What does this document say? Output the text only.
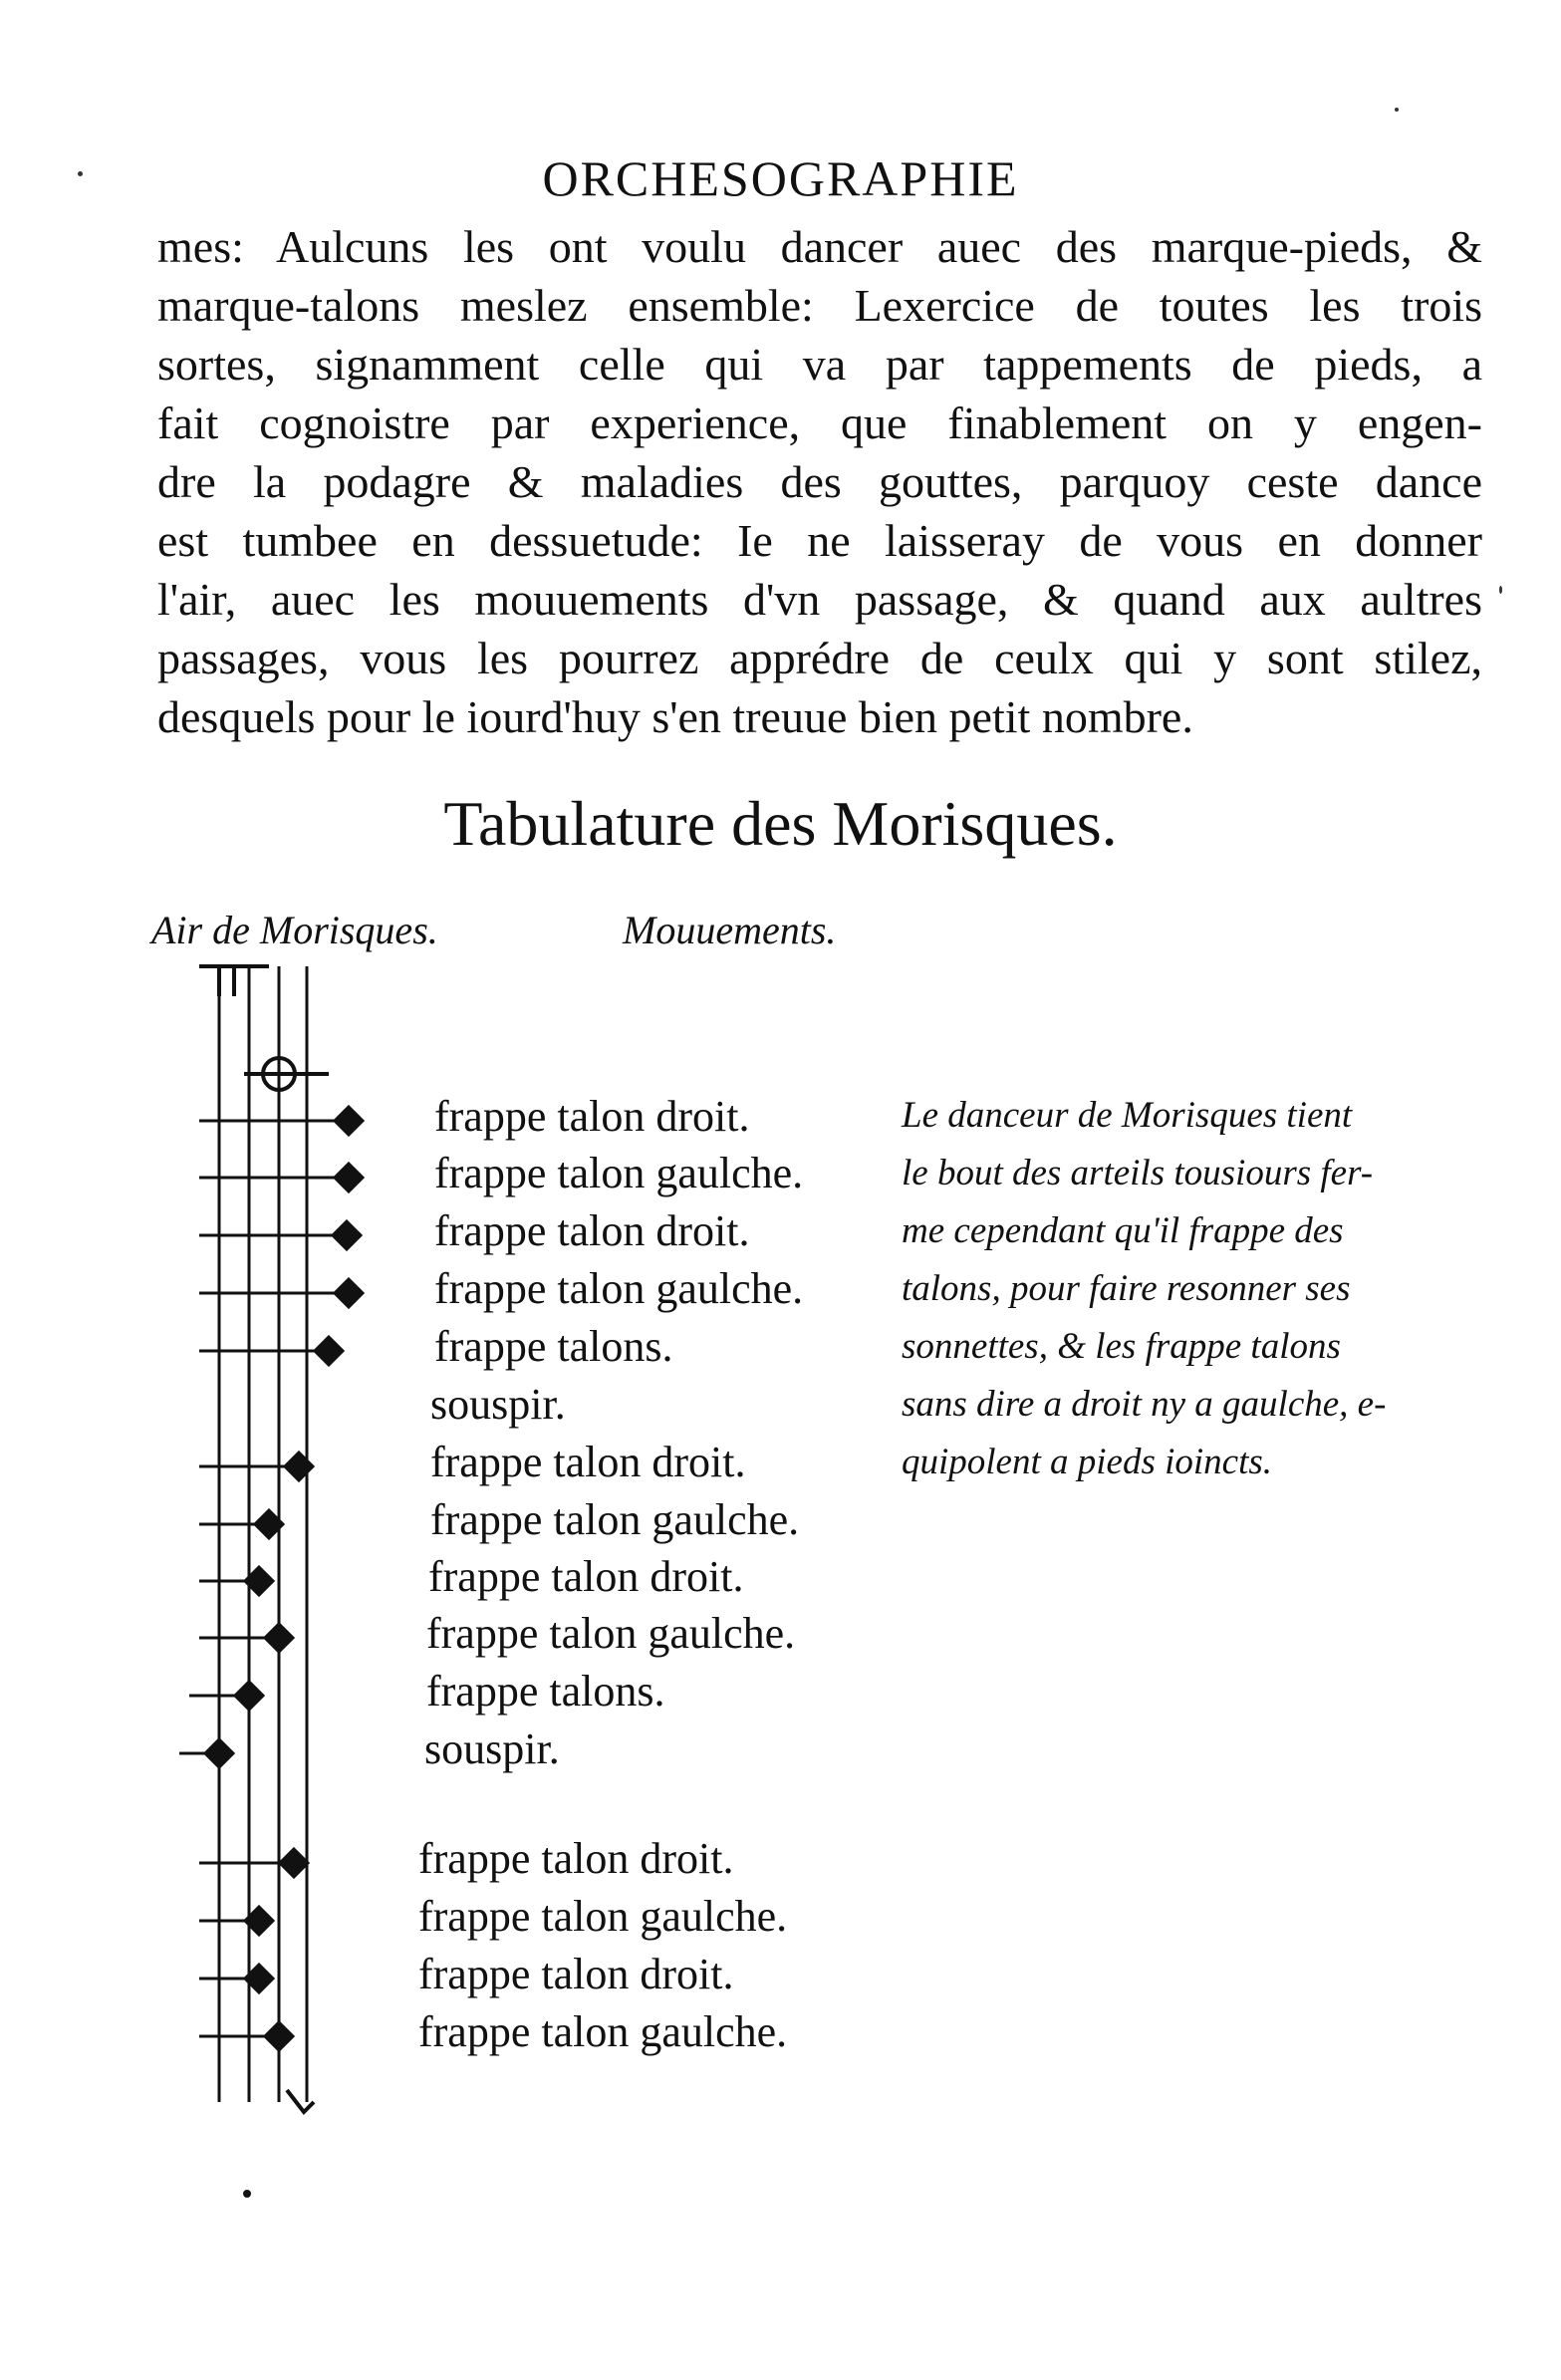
ORCHESOGRAPHIE
mes: Aulcuns les ont voulu dancer auec des marque-pieds, &
marque-talons meslez ensemble: Lexercice de toutes les trois
sortes, signamment celle qui va par tappements de pieds, a
fait cognoistre par experience, que finablement on y engen-
dre la podagre & maladies des gouttes, parquoy ceste dance
est tumbee en dessuetude: Ie ne laisseray de vous en donner
l'air, auec les mouuements d'vn passage, & quand aux aultres
passages, vous les pourrez apprédre de ceulx qui y sont stilez,
desquels pour le iourd'huy s'en treuue bien petit nombre.
Tabulature des Morisques.
Air de Morisques.	Mouuements.
frappe talon droit.
frappe talon gaulche.
frappe talon droit.
frappe talon gaulche.
frappe talons.
souspir.
frappe talon droit.
frappe talon gaulche.
frappe talon droit.
frappe talon gaulche.
frappe talons.
souspir.
frappe talon droit.
frappe talon gaulche.
frappe talon droit.
frappe talon gaulche.
Le danceur de Morisques tient
le bout des arteils tousiours fer-
me cependant qu'il frappe des
talons, pour faire resonner ses
sonnettes, & les frappe talons
sans dire a droit ny a gaulche, e-
quipolent a pieds ioincts.
